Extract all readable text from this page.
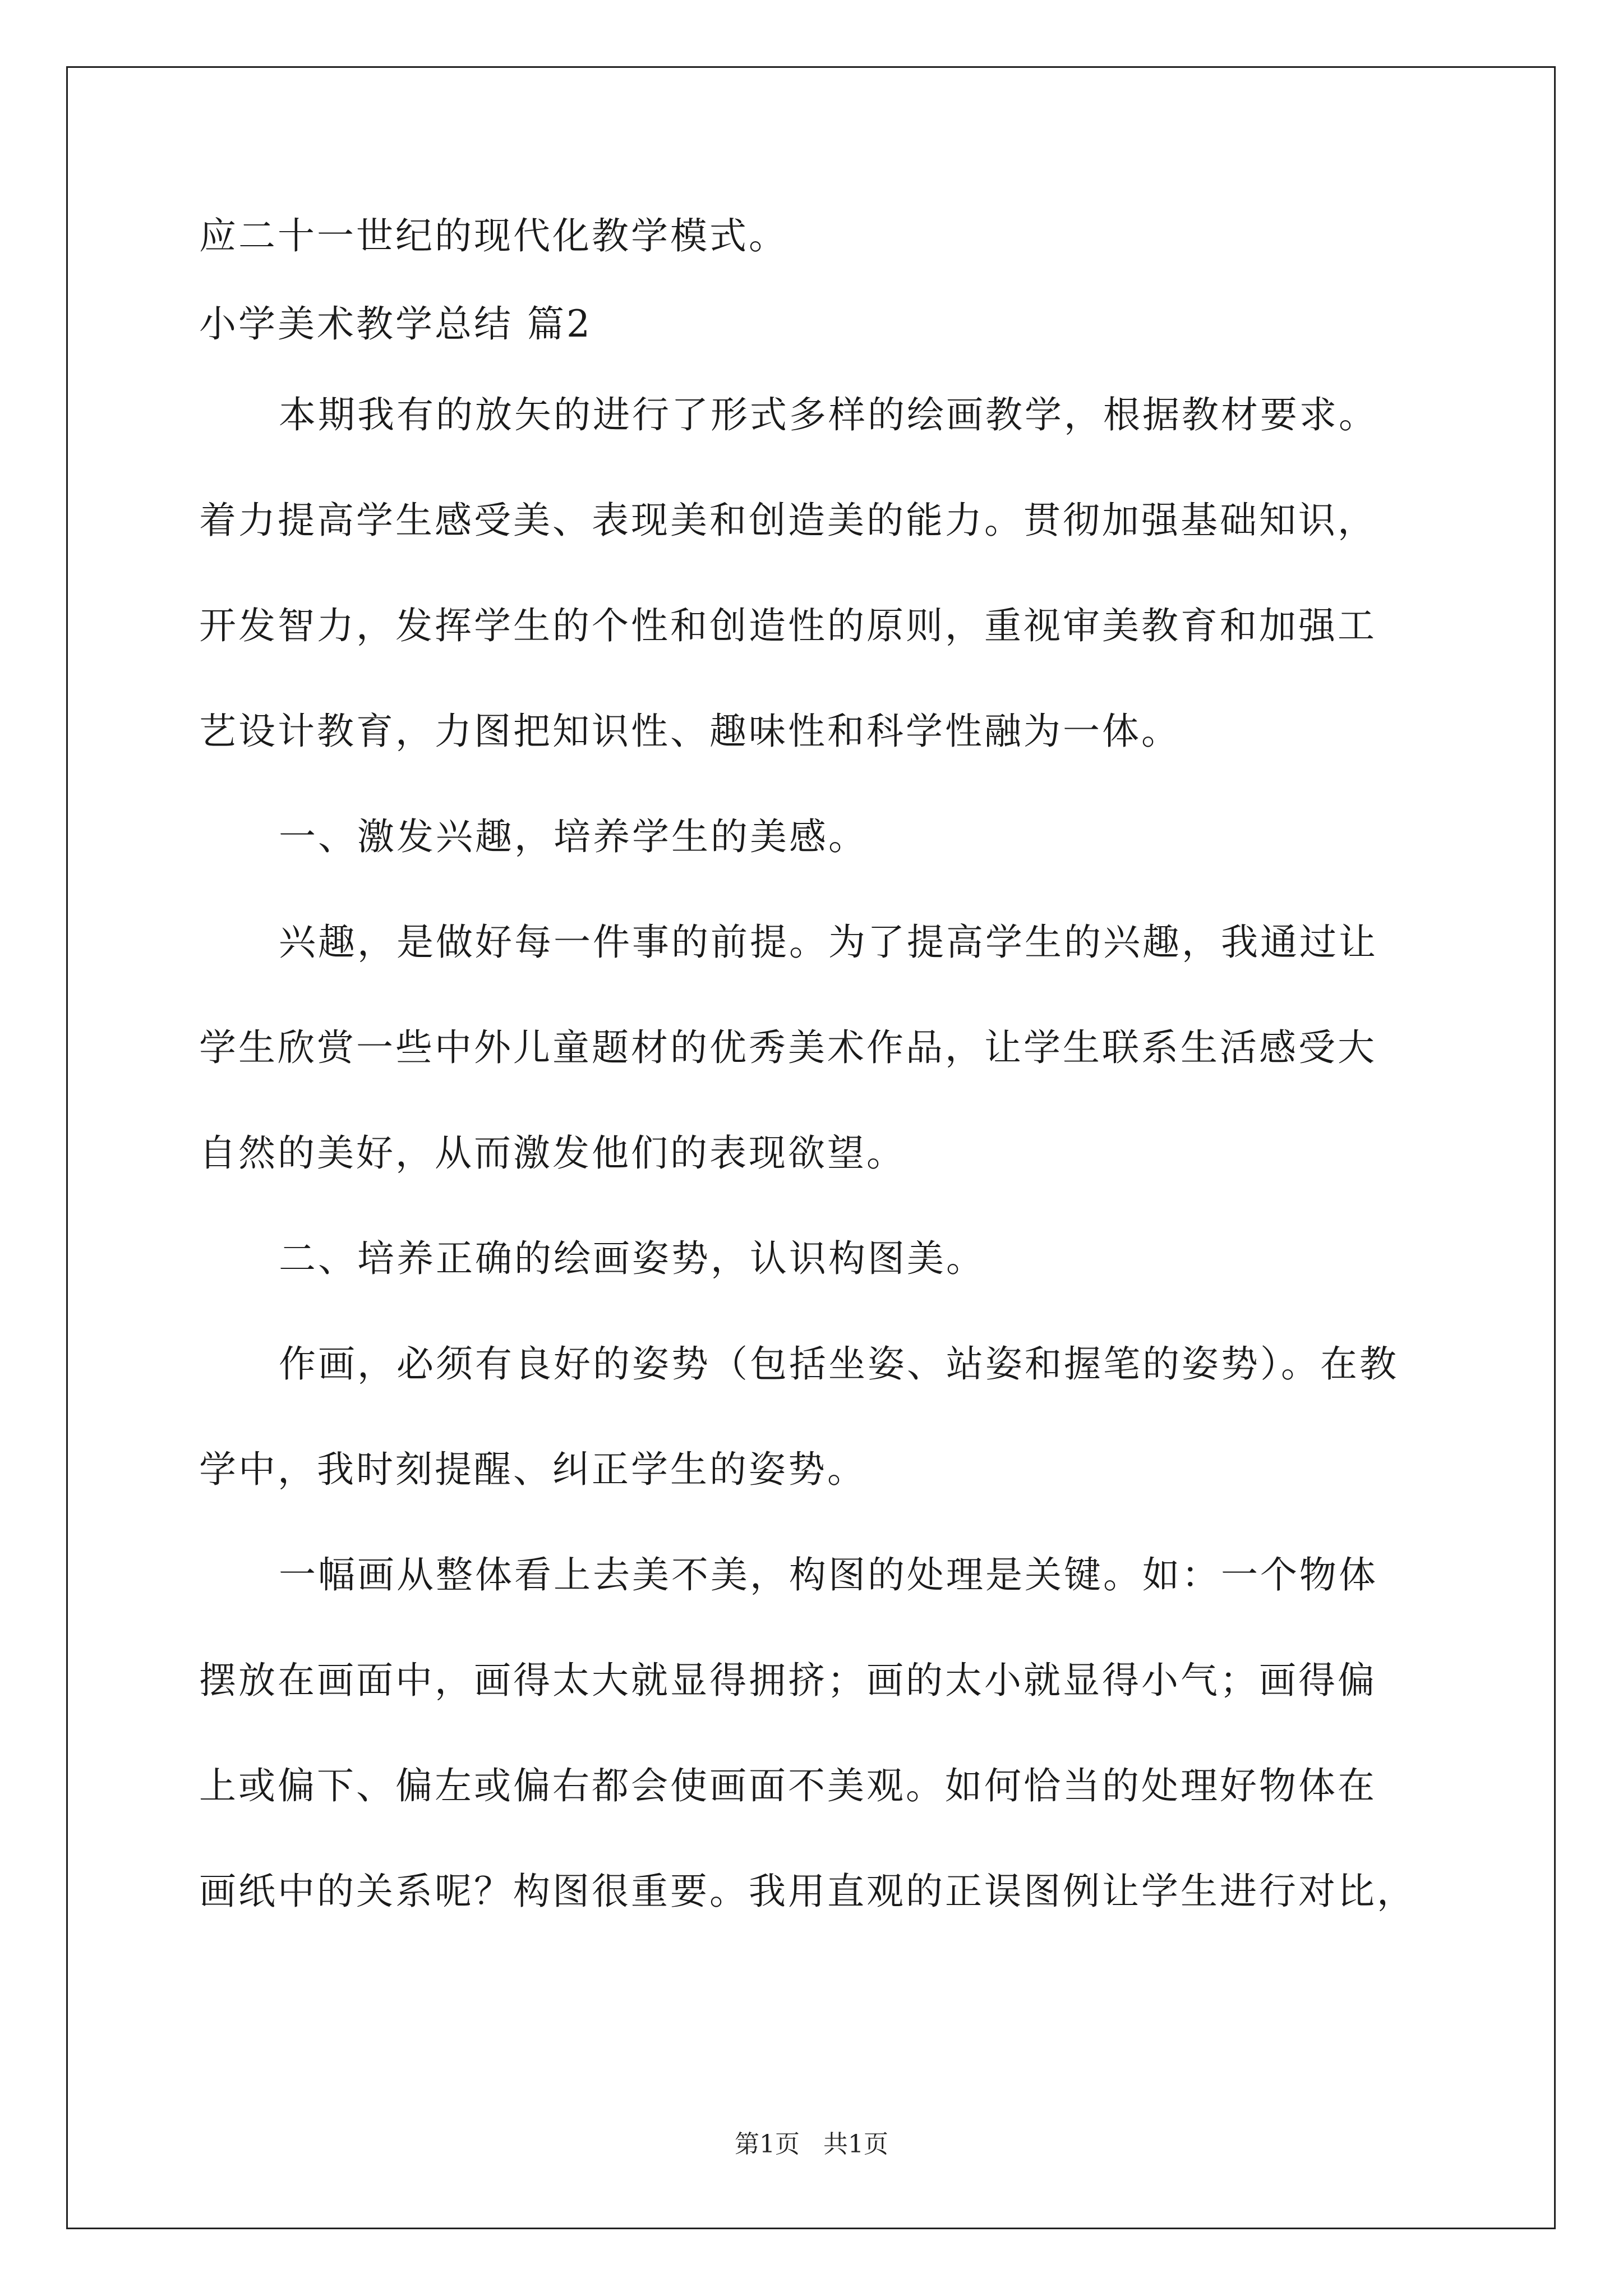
应二十一世纪的现代化教学模式。
小学美术教学总结 篇2
本期我有的放矢的进行了形式多样的绘画教学，根据教材要求。
着力提高学生感受美、表现美和创造美的能力。贯彻加强基础知识，
开发智力，发挥学生的个性和创造性的原则，重视审美教育和加强工
艺设计教育，力图把知识性、趣味性和科学性融为一体。
一、激发兴趣，培养学生的美感。
兴趣，是做好每一件事的前提。为了提高学生的兴趣，我通过让
学生欣赏一些中外儿童题材的优秀美术作品，让学生联系生活感受大
自然的美好，从而激发他们的表现欲望。
二、培养正确的绘画姿势，认识构图美。
作画，必须有良好的姿势（包括坐姿、站姿和握笔的姿势）。在教
学中，我时刻提醒、纠正学生的姿势。
一幅画从整体看上去美不美，构图的处理是关键。如：一个物体
摆放在画面中，画得太大就显得拥挤；画的太小就显得小气；画得偏
上或偏下、偏左或偏右都会使画面不美观。如何恰当的处理好物体在
画纸中的关系呢？构图很重要。我用直观的正误图例让学生进行对比，
第1页   共1页
